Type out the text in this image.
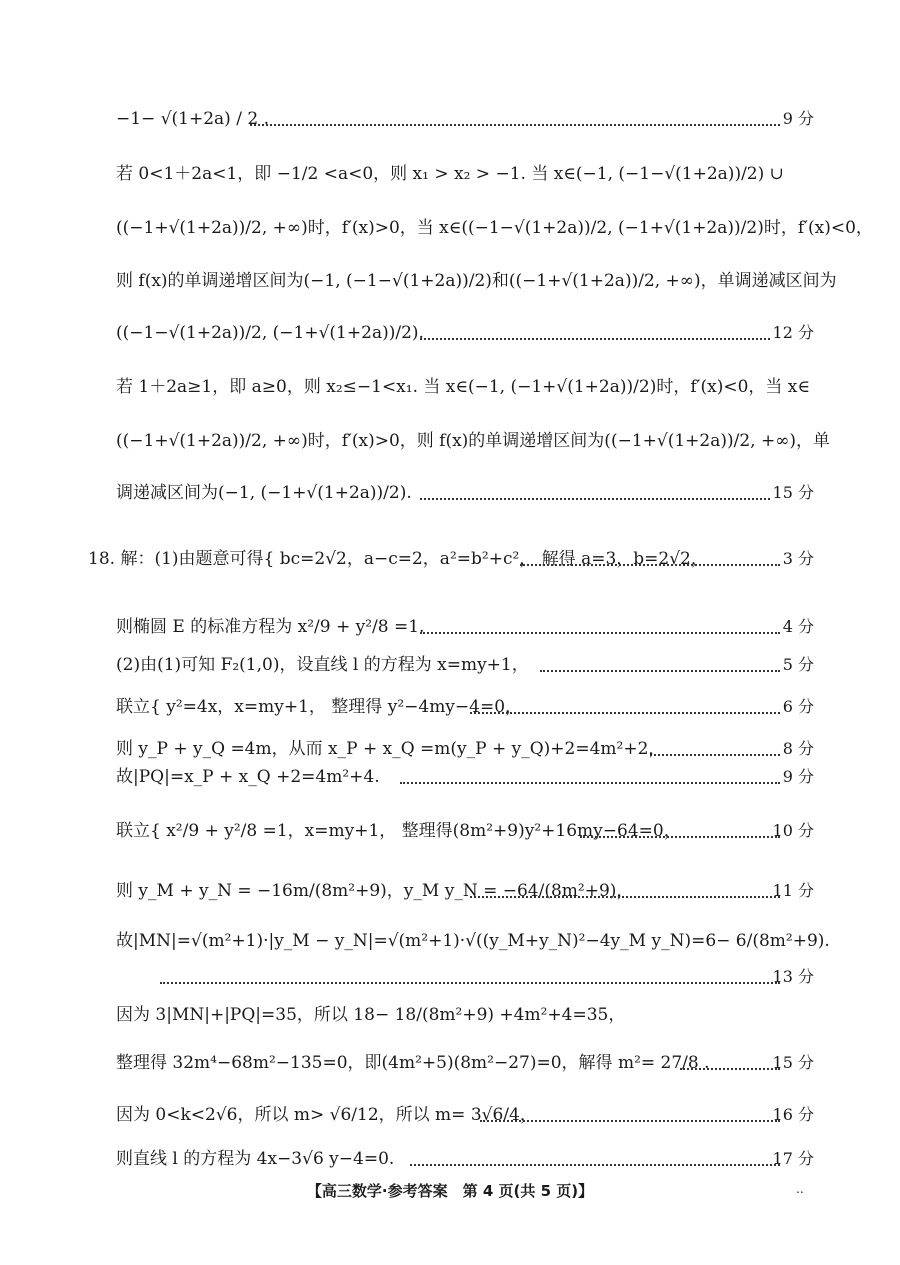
−1− √(1+2a) / 2 .	9 分
若 0<1＋2a<1，即 −1/2 <a<0，则 x₁ > x₂ > −1. 当 x∈(−1, (−1−√(1+2a))/2) ∪
((−1+√(1+2a))/2, +∞)时，f′(x)>0，当 x∈((−1−√(1+2a))/2, (−1+√(1+2a))/2)时，f′(x)<0，
则 f(x)的单调递增区间为(−1, (−1−√(1+2a))/2)和((−1+√(1+2a))/2, +∞)，单调递减区间为
((−1−√(1+2a))/2, (−1+√(1+2a))/2).	12 分
若 1＋2a≥1，即 a≥0，则 x₂≤−1<x₁. 当 x∈(−1, (−1+√(1+2a))/2)时，f′(x)<0，当 x∈
((−1+√(1+2a))/2, +∞)时，f′(x)>0，则 f(x)的单调递增区间为((−1+√(1+2a))/2, +∞)，单
调递减区间为(−1, (−1+√(1+2a))/2).	15 分
18. 解：(1)由题意可得{ bc=2√2，a−c=2，a²=b²+c²， 解得 a=3，b=2√2，	3 分
则椭圆 E 的标准方程为 x²/9 + y²/8 =1.	4 分
(2)由(1)可知 F₂(1,0)，设直线 l 的方程为 x=my+1，	5 分
联立{ y²=4x，x=my+1， 整理得 y²−4my−4=0，	6 分
则 y_P + y_Q =4m，从而 x_P + x_Q =m(y_P + y_Q)+2=4m²+2，	8 分
故|PQ|=x_P + x_Q +2=4m²+4.	9 分
联立{ x²/9 + y²/8 =1，x=my+1， 整理得(8m²+9)y²+16my−64=0，	10 分
则 y_M + y_N = −16m/(8m²+9)，y_M y_N = −64/(8m²+9)，	11 分
故|MN|=√(m²+1)·|y_M − y_N|=√(m²+1)·√((y_M+y_N)²−4y_M y_N)=6− 6/(8m²+9).
13 分
因为 3|MN|+|PQ|=35，所以 18− 18/(8m²+9) +4m²+4=35，
整理得 32m⁴−68m²−135=0，即(4m²+5)(8m²−27)=0，解得 m²= 27/8 .	15 分
因为 0<k<2√6，所以 m> √6/12，所以 m= 3√6/4，	16 分
则直线 l 的方程为 4x−3√6 y−4=0.	17 分
【高三数学·参考答案　第 4 页(共 5 页)】	..
